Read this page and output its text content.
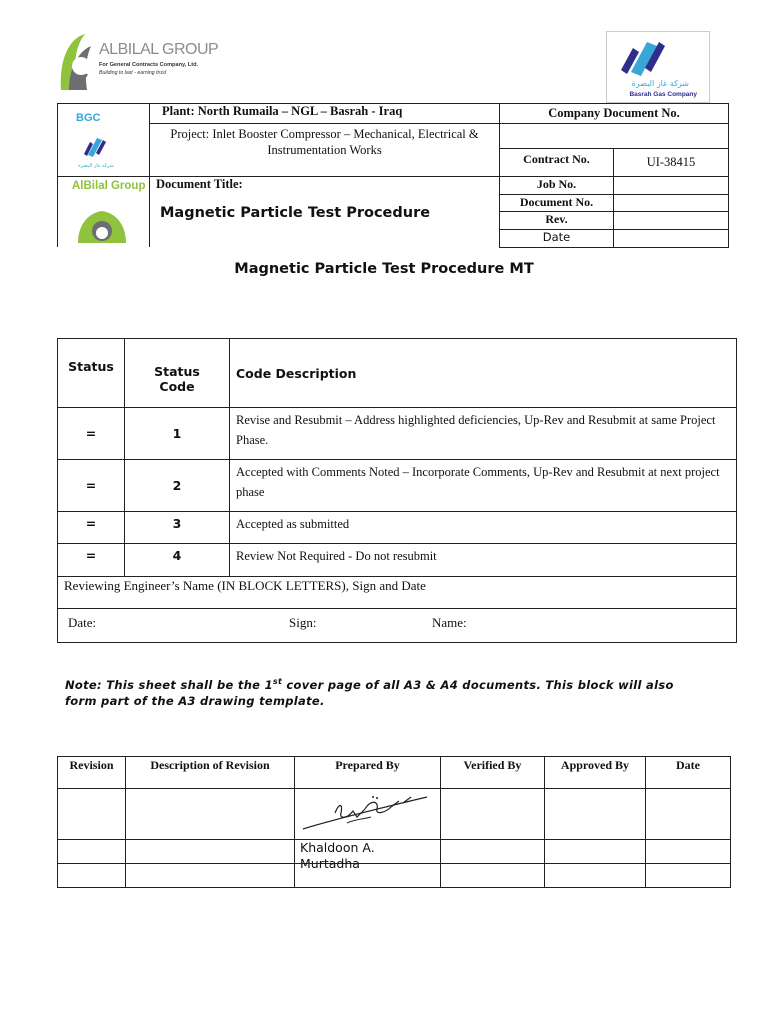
ALBILAL GROUP
For General Contracts Company, Ltd.
Building to last - earning trust
شركة غاز البصرة
Basrah Gas Company
BGC
شركة غاز البصرة	Plant: North Rumaila – NGL – Basrah - Iraq	Company Document No.	
	Project: Inlet Booster Compressor – Mechanical, Electrical & Instrumentation Works		
		Contract No.	UI-38415

AlBilal Group	Document Title:
Magnetic Particle Test Procedure	Job No.	
		Document No.	
		Rev.	
		Date	
Magnetic Particle Test Procedure MT
Status	Status Code	Code Description
=	1	Revise and Resubmit – Address highlighted deficiencies, Up-Rev and Resubmit at same Project Phase.
=	2	Accepted with Comments Noted – Incorporate Comments, Up-Rev and Resubmit at next project phase
=	3	Accepted as submitted
=	4	Review Not Required - Do not resubmit
Reviewing Engineer’s Name (IN BLOCK LETTERS), Sign and Date		

Date: Sign: Name:		
Note: This sheet shall be the 1st cover page of all A3 & A4 documents. This block will also form part of the A3 drawing template.
Revision	Description of Revision	Prepared By	Verified By	Approved By	Date

		Khaldoon A. Murtadha			
